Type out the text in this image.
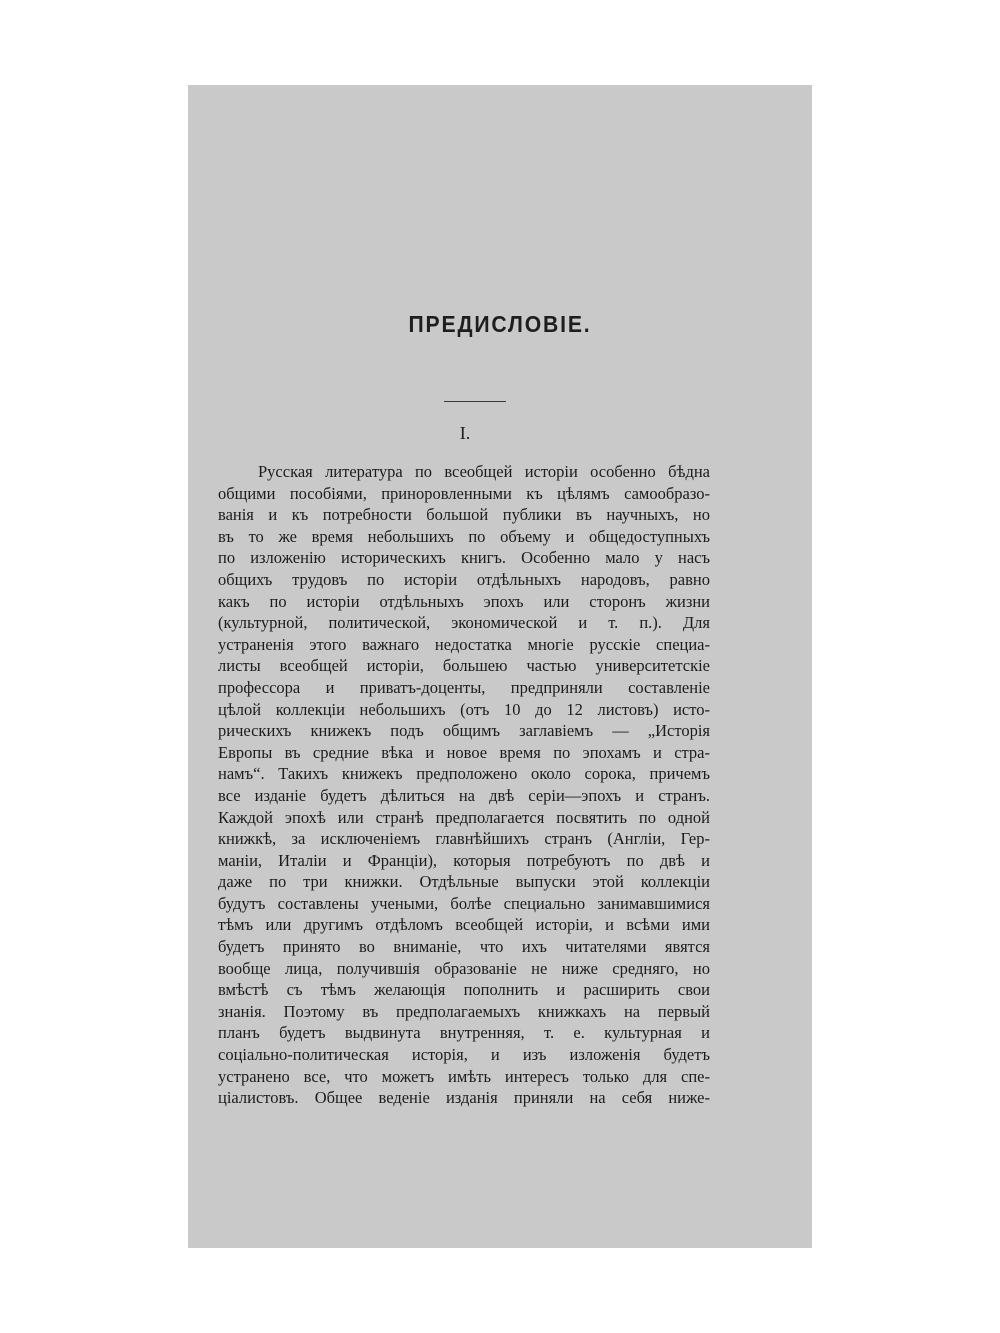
ПРЕДИСЛОВIЕ.
I.
Русская литература по всеобщей исторiи особенно бѣдна
общими пособiями, приноровленными къ цѣлямъ самообразо-
ванiя и къ потребности большой публики въ научныхъ, но
въ то же время небольшихъ по объему и общедоступныхъ
по изложенiю историческихъ книгъ. Особенно мало у насъ
общихъ трудовъ по исторiи отдѣльныхъ народовъ, равно
какъ по исторiи отдѣльныхъ эпохъ или сторонъ жизни
(культурной, политической, экономической и т. п.). Для
устраненiя этого важнаго недостатка многiе русскiе специа-
листы всеобщей исторiи, большею частью университетскiе
профессора и приватъ-доценты, предприняли составленiе
цѣлой коллекцiи небольшихъ (отъ 10 до 12 листовъ) исто-
рическихъ книжекъ подъ общимъ заглавiемъ — „Исторiя
Европы въ средние вѣка и новое время по эпохамъ и стра-
намъ“. Такихъ книжекъ предположено около сорока, причемъ
все изданiе будетъ дѣлиться на двѣ серiи—эпохъ и странъ.
Каждой эпохѣ или странѣ предполагается посвятить по одной
книжкѣ, за исключенiемъ главнѣйшихъ странъ (Англiи, Гер-
манiи, Италiи и Францiи), которыя потребуютъ по двѣ и
даже по три книжки. Отдѣльные выпуски этой коллекцiи
будутъ составлены учеными, болѣе специально занимавшимися
тѣмъ или другимъ отдѣломъ всеобщей исторiи, и всѣми ими
будетъ принято во вниманiе, что ихъ читателями явятся
вообще лица, получившiя образованiе не ниже средняго, но
вмѣстѣ съ тѣмъ желающiя пополнить и расширить свои
знанiя. Поэтому въ предполагаемыхъ книжкахъ на первый
планъ будетъ выдвинута внутренняя, т. е. культурная и
соцiально-политическая исторiя, и изъ изложенiя будетъ
устранено все, что можетъ имѣть интересъ только для спе-
цiалистовъ. Общее веденiе изданiя приняли на себя ниже-
